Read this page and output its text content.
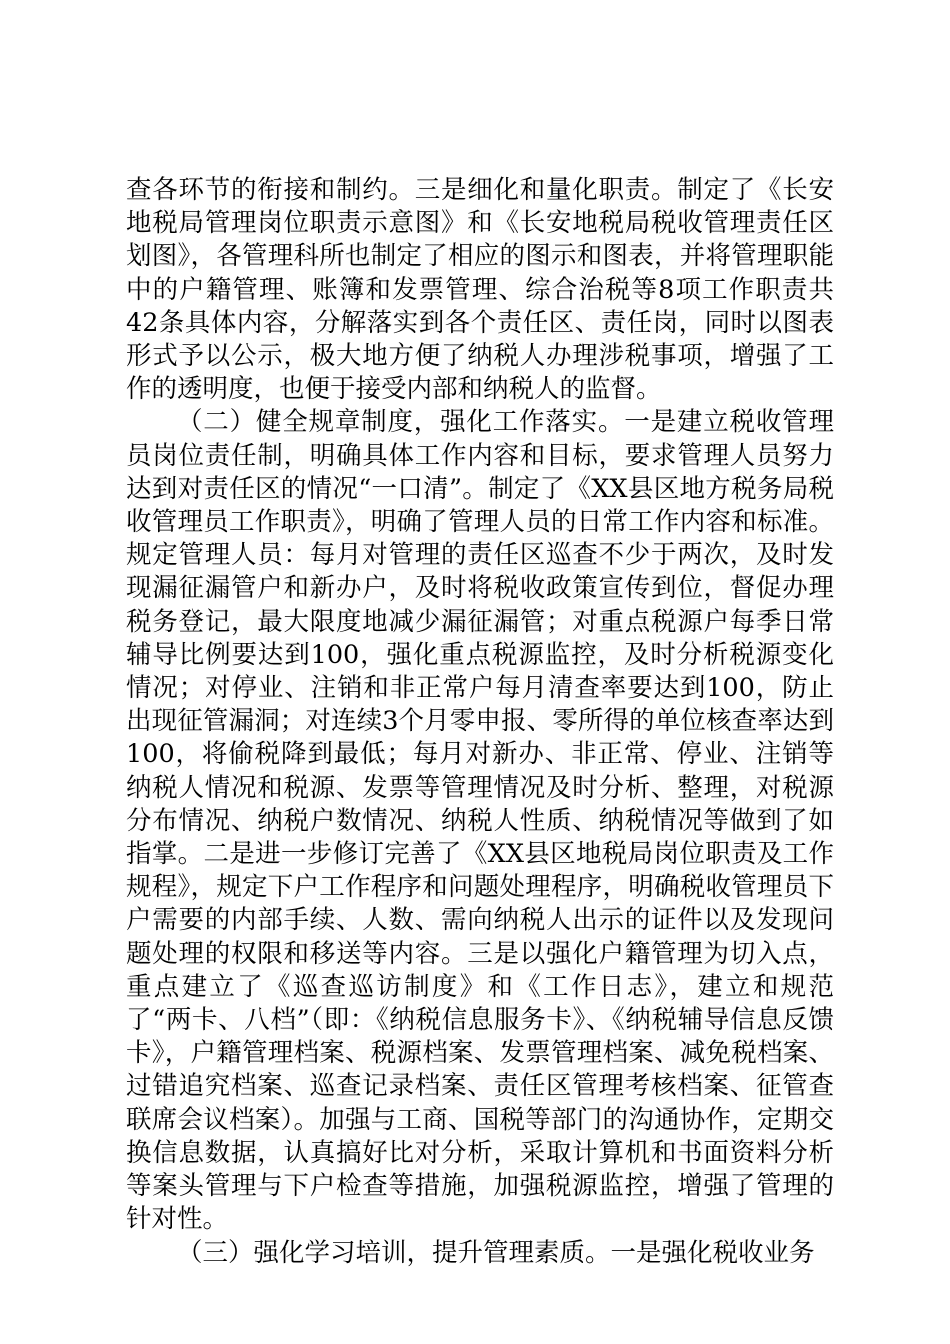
查各环节的衔接和制约。三是细化和量化职责。制定了《长安地税局管理岗位职责示意图》和《长安地税局税收管理责任区划图》，各管理科所也制定了相应的图示和图表，并将管理职能中的户籍管理、账簿和发票管理、综合治税等8项工作职责共42条具体内容，分解落实到各个责任区、责任岗，同时以图表形式予以公示，极大地方便了纳税人办理涉税事项，增强了工作的透明度，也便于接受内部和纳税人的监督。

（二）健全规章制度，强化工作落实。一是建立税收管理员岗位责任制，明确具体工作内容和目标，要求管理人员努力达到对责任区的情况“一口清”。制定了《XX县区地方税务局税收管理员工作职责》，明确了管理人员的日常工作内容和标准。规定管理人员：每月对管理的责任区巡查不少于两次，及时发现漏征漏管户和新办户，及时将税收政策宣传到位，督促办理税务登记，最大限度地减少漏征漏管；对重点税源户每季日常辅导比例要达到100，强化重点税源监控，及时分析税源变化情况；对停业、注销和非正常户每月清查率要达到100，防止出现征管漏洞；对连续3个月零申报、零所得的单位核查率达到100，将偷税降到最低；每月对新办、非正常、停业、注销等纳税人情况和税源、发票等管理情况及时分析、整理，对税源分布情况、纳税户数情况、纳税人性质、纳税情况等做到了如指掌。二是进一步修订完善了《XX县区地税局岗位职责及工作规程》，规定下户工作程序和问题处理程序，明确税收管理员下户需要的内部手续、人数、需向纳税人出示的证件以及发现问题处理的权限和移送等内容。三是以强化户籍管理为切入点，重点建立了《巡查巡访制度》和《工作日志》，建立和规范了“两卡、八档”（即：《纳税信息服务卡》、《纳税辅导信息反馈卡》，户籍管理档案、税源档案、发票管理档案、减免税档案、过错追究档案、巡查记录档案、责任区管理考核档案、征管查联席会议档案）。加强与工商、国税等部门的沟通协作，定期交换信息数据，认真搞好比对分析，采取计算机和书面资料分析等案头管理与下户检查等措施，加强税源监控，增强了管理的针对性。

（三）强化学习培训，提升管理素质。一是强化税收业务
